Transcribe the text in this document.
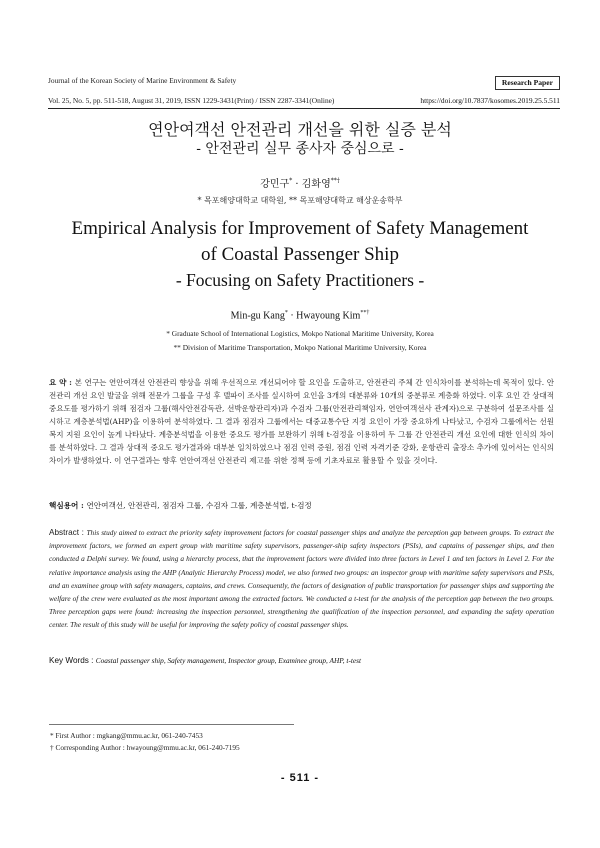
Journal of the Korean Society of Marine Environment & Safety
Vol. 25, No. 5, pp. 511-518, August 31, 2019, ISSN 1229-3431(Print) / ISSN 2287-3341(Online)
Research Paper
https://doi.org/10.7837/kosomes.2019.25.5.511
연안여객선 안전관리 개선을 위한 실증 분석
- 안전관리 실무 종사자 중심으로 -
강민구* · 김화영**†
* 목포해양대학교 대학원, ** 목포해양대학교 해상운송학부
Empirical Analysis for Improvement of Safety Management
of Coastal Passenger Ship
- Focusing on Safety Practitioners -
Min-gu Kang* · Hwayoung Kim**†
* Graduate School of International Logistics, Mokpo National Maritime University, Korea
** Division of Maritime Transportation, Mokpo National Maritime University, Korea
요 약 : 본 연구는 연안여객선 안전관리 향상을 위해 우선적으로 개선되어야 할 요인을 도출하고, 안전관리 주체 간 인식차이를 분석하는데 목적이 있다. 안전관리 개선 요인 발굴을 위해 전문가 그룹을 구성 후 델파이 조사를 실시하여 요인을 3개의 대분류와 10개의 중분류로 계층화 하였다. 이후 요인 간 상대적 중요도를 평가하기 위해 점검자 그룹(해사안전감독관, 선박운항관리자)과 수검자 그룹(안전관리책임자, 연안여객선사 관계자)으로 구분하여 설문조사를 실시하고 계층분석법(AHP)을 이용하여 분석하였다. 그 결과 점검자 그룹에서는 대중교통수단 지정 요인이 가장 중요하게 나타났고, 수검자 그룹에서는 선원복지 지원 요인이 높게 나타났다. 계층분석법을 이용한 중요도 평가를 보완하기 위해 t-검정을 이용하여 두 그룹 간 안전관리 개선 요인에 대한 인식의 차이를 분석하였다. 그 결과 상대적 중요도 평가결과와 대부분 일치하였으나 점검 인력 증원, 점검 인력 자격기준 강화, 운항관리 출장소 추가에 있어서는 인식의 차이가 발생하였다. 이 연구결과는 향후 연안여객선 안전관리 제고를 위한 정책 등에 기초자료로 활용할 수 있을 것이다.
핵심용어 : 연안여객선, 안전관리, 점검자 그룹, 수검자 그룹, 계층분석법, t-검정
Abstract : This study aimed to extract the priority safety improvement factors for coastal passenger ships and analyze the perception gap between groups. To extract the improvement factors, we formed an expert group with maritime safety supervisors, passenger-ship safety inspectors (PSIs), and captains of passenger ships, and then conducted a Delphi survey. We found, using a hierarchy process, that the improvement factors were divided into three factors in Level 1 and ten factors in Level 2. For the relative importance analysis using the AHP (Analytic Hierarchy Process) model, we also formed two groups: an inspector group with maritime safety supervisors and PSIs, and an examinee group with safety managers, captains, and crews. Consequently, the factors of designation of public transportation for passenger ships and supporting the welfare of the crew were evaluated as the most important among the extracted factors. We conducted a t-test for the analysis of the perception gap between the two groups. Three perception gaps were found: increasing the inspection personnel, strengthening the qualification of the inspection personnel, and expanding the safety operation center. The result of this study will be useful for improving the safety policy of coastal passenger ships.
Key Words : Coastal passenger ship, Safety management, Inspector group, Examinee group, AHP, t-test
* First Author : mgkang@mmu.ac.kr, 061-240-7453
† Corresponding Author : hwayoung@mmu.ac.kr, 061-240-7195
- 511 -
